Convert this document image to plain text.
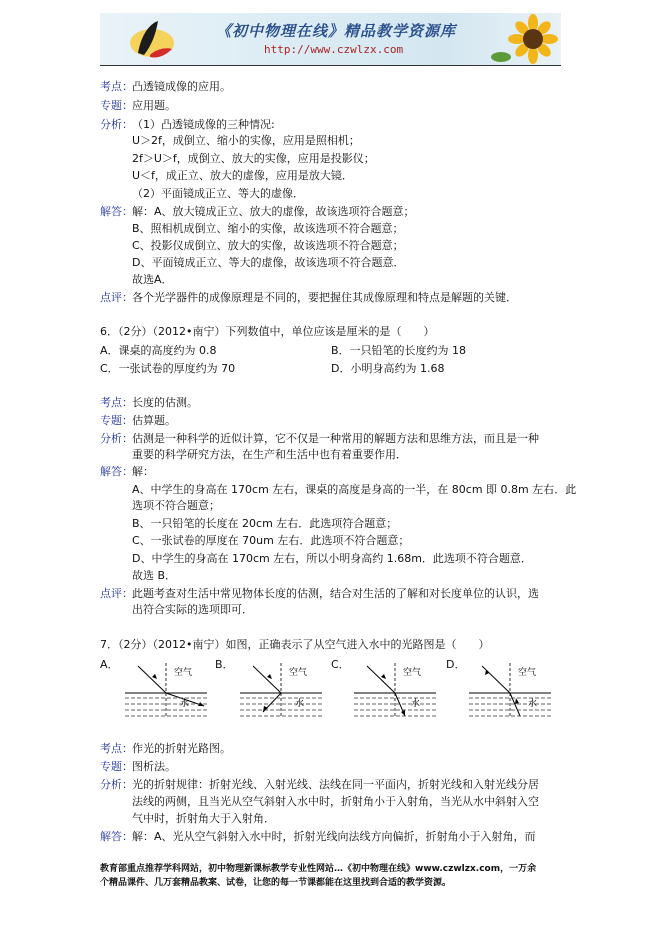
《初中物理在线》精品教学资源库
http://www.czwlzx.com
考点： 凸透镜成像的应用。
专题： 应用题。
分析： （1）凸透镜成像的三种情况:
U＞2f，成倒立、缩小的实像，应用是照相机；
2f＞U＞f，成倒立、放大的实像，应用是投影仪；
U＜f，成正立、放大的虚像，应用是放大镜．
（2）平面镜成正立、等大的虚像．
解答： 解：A、放大镜成正立、放大的虚像，故该选项符合题意；
B、照相机成倒立、缩小的实像，故该选项不符合题意；
C、投影仪成倒立、放大的实像，故该选项不符合题意；
D、平面镜成正立、等大的虚像，故该选项不符合题意．
故选A．
点评： 各个光学器件的成像原理是不同的，要把握住其成像原理和特点是解题的关键．
6．（2分）（2012•南宁）下列数值中，单位应该是厘米的是（　　）
A．课桌的高度约为 0.8	B．一只铅笔的长度约为 18
C．一张试卷的厚度约为 70	D．小明身高约为 1.68
考点： 长度的估测。
专题： 估算题。
分析： 估测是一种科学的近似计算，它不仅是一种常用的解题方法和思维方法，而且是一种
重要的科学研究方法，在生产和生活中也有着重要作用．
解答： 解：
A、中学生的身高在 170cm 左右，课桌的高度是身高的一半，在 80cm 即 0.8m 左右．此
选项不符合题意；
B、一只铅笔的长度在 20cm 左右．此选项符合题意；
C、一张试卷的厚度在 70um 左右．此选项不符合题意；
D、中学生的身高在 170cm 左右，所以小明身高约 1.68m．此选项不符合题意．
故选 B．
点评： 此题考查对生活中常见物体长度的估测，结合对生活的了解和对长度单位的认识，选
出符合实际的选项即可．
7．（2分）（2012•南宁）如图，正确表示了从空气进入水中的光路图是（　　）
A．
空气
水
B．
空气
水
C．
空气
水
D．
空气
水
考点： 作光的折射光路图。
专题： 图析法。
分析： 光的折射规律：折射光线、入射光线、法线在同一平面内，折射光线和入射光线分居
法线的两侧，且当光从空气斜射入水中时，折射角小于入射角，当光从水中斜射入空
气中时，折射角大于入射角．
解答： 解：A、光从空气斜射入水中时，折射光线向法线方向偏折，折射角小于入射角，而
教育部重点推荐学科网站，初中物理新课标教学专业性网站…《初中物理在线》www.czwlzx.com，一万余
个精品课件、几万套精品教案、试卷，让您的每一节课都能在这里找到合适的教学资源。
